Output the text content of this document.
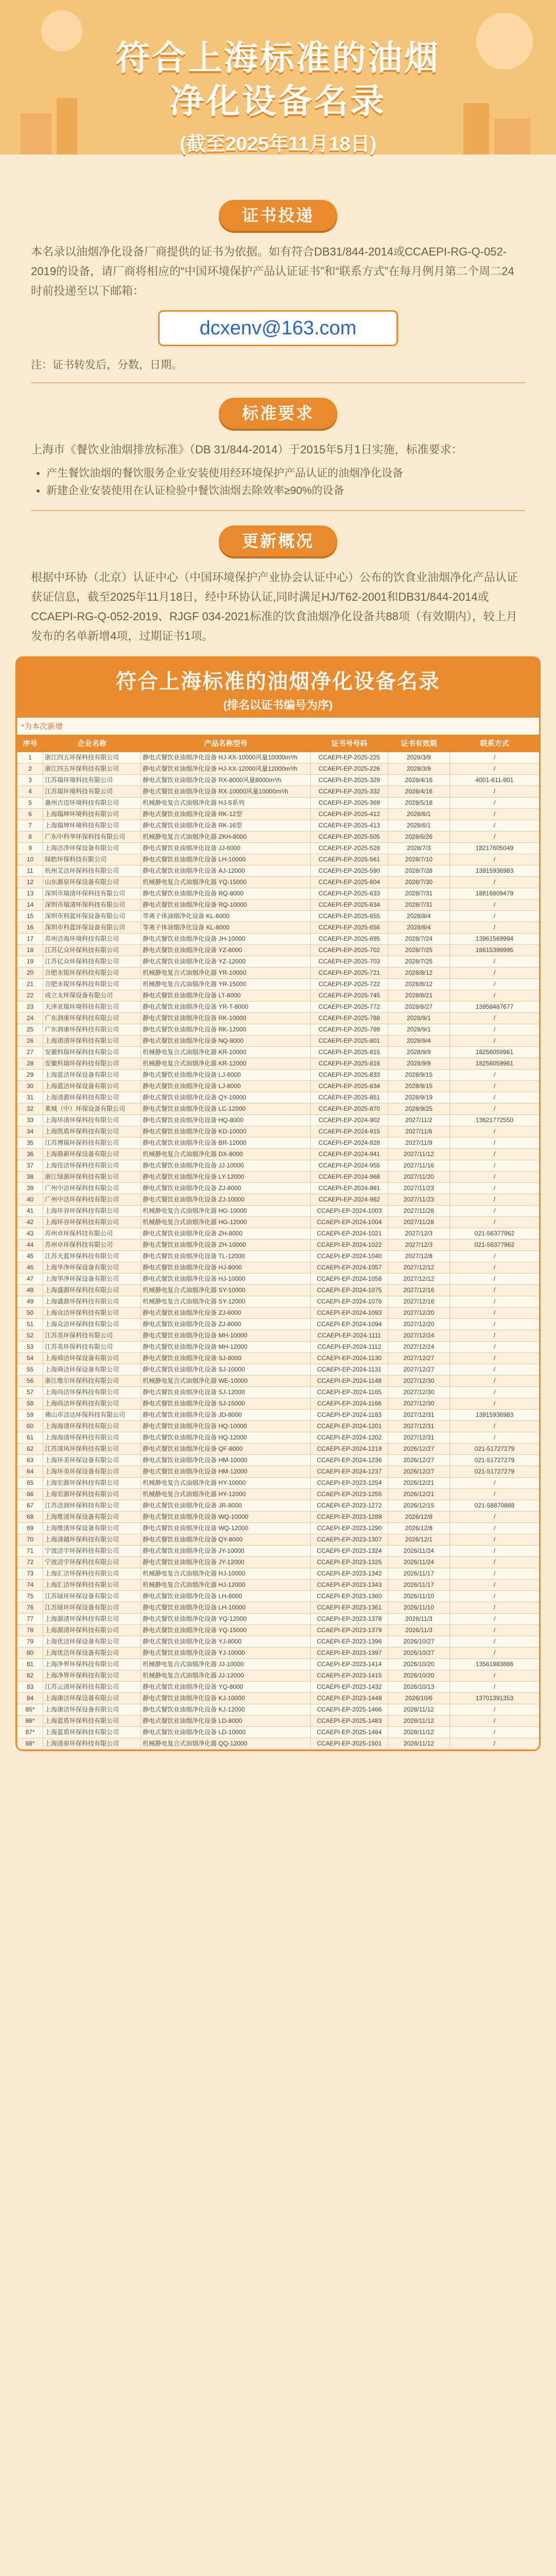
符合上海标准的油烟
净化设备名录
(截至2025年11月18日)
证书投递
本名录以油烟净化设备厂商提供的证书为依据。如有符合DB31/844-2014或CCAEPI-RG-Q-052-2019的设备，请厂商将相应的“中国环境保护产品认证证书”和“联系方式”在每月例月第二个周二24时前投递至以下邮箱：
dcxenv@163.com
注：证书转发后，分数，日期。
标准要求
上海市《餐饮业油烟排放标准》（DB 31/844-2014）于2015年5月1日实施，标准要求：
• 产生餐饮油烟的餐饮服务企业安装使用经环境保护产品认证的油烟净化设备
• 新建企业安装使用在认证检验中餐饮油烟去除效率≥90%的设备
更新概况
根据中环协（北京）认证中心（中国环境保护产业协会认证中心）公布的饮食业油烟净化产品认证获证信息，截至2025年11月18日，经中环协认证,同时满足HJ/T62-2001和DB31/844-2014或CCAEPI-RG-Q-052-2019、RJGF 034-2021标准的饮食油烟净化设备共88项（有效期内），较上月发布的名单新增4项，过期证书1项。
符合上海标准的油烟净化设备名录
(排名以证书编号为序)
*为本次新增
序号	企业名称	产品名称型号	证书号号码	证书有效期	联系方式
1	浙江四五环保科技有限公司	静电式餐饮业油烟净化设备 HJ-XX-10000风量10000m³/h	CCAEPI-EP-2025-225	2028/3/9	/
2	浙江四五环保科技有限公司	静电式餐饮业油烟净化设备 HJ-XX-12000风量12000m³/h	CCAEPI-EP-2025-226	2028/3/9	/
3	江苏瑞环境科技有限公司	静电式餐饮业油烟净化设备 RX-8000风量8000m³/h	CCAEPI-EP-2025-329	2028/4/16	4001-611-901
4	江苏瑞环境科技有限公司	静电式餐饮业油烟净化设备 RX-10000风量10000m³/h	CCAEPI-EP-2025-332	2028/4/16	/
5	惠州吉迈环境科技有限公司	机械静电复合式油烟净化器 HJ-S系列	CCAEPI-EP-2025-369	2028/5/18	/
6	上海瑞坤环境科技有限公司	静电式餐饮业油烟净化设备 RK-12型	CCAEPI-EP-2025-412	2028/6/1	/
7	上海瑞坤环境科技有限公司	静电式餐饮业油烟净化设备 RK-16型	CCAEPI-EP-2025-413	2028/6/1	/
8	广东中科华环保科技有限公司	机械静电复合式油烟净化器 ZKH-8000	CCAEPI-EP-2025-505	2028/6/26	/
9	上海洁净环保设备有限公司	静电式餐饮业油烟净化设备 JJ-6000	CCAEPI-EP-2025-528	2028/7/3	18217605049
10	绿皓环保科技有限公司	静电式餐饮业油烟净化设备 LH-10000	CCAEPI-EP-2025-561	2028/7/10	/
11	杭州艾洁环保科技有限公司	静电式餐饮业油烟净化设备 AJ-12000	CCAEPI-EP-2025-590	2028/7/28	13915936983
12	山东源泉环保设备有限公司	机械静电复合式油烟净化器 YQ-15000	CCAEPI-EP-2025-604	2028/7/30	/
13	深圳市瑞清环保科技有限公司	静电式餐饮业油烟净化设备 RQ-8000	CCAEPI-EP-2025-633	2028/7/31	18816809479
14	深圳市瑞清环保科技有限公司	静电式餐饮业油烟净化设备 RQ-10000	CCAEPI-EP-2025-634	2028/7/31	/
15	深圳市科蓝环保设备有限公司	等离子体油烟净化设备 KL-6000	CCAEPI-EP-2025-655	2028/8/4	/
16	深圳市科蓝环保设备有限公司	等离子体油烟净化设备 KL-8000	CCAEPI-EP-2025-656	2028/8/4	/
17	苏州洁海环境科技有限公司	静电式餐饮业油烟净化设备 JH-10000	CCAEPI-EP-2025-695	2028/7/24	13961569994
18	江苏亿众环保科技有限公司	静电式餐饮业油烟净化设备 YZ-8000	CCAEPI-EP-2025-702	2028/7/25	18615399995
19	江苏亿众环保科技有限公司	静电式餐饮业油烟净化设备 YZ-12000	CCAEPI-EP-2025-703	2028/7/25	/
20	合肥永锐环保科技有限公司	机械静电复合式油烟净化器 YR-10000	CCAEPI-EP-2025-721	2028/8/12	/
21	合肥永锐环保科技有限公司	机械静电复合式油烟净化器 YR-15000	CCAEPI-EP-2025-722	2028/8/12	/
22	成立太环保设备有限公司	静电式餐饮业油烟净化设备 LT-6000	CCAEPI-EP-2025-745	2028/8/21	/
23	天津亚瑞环境科技有限公司	静电式餐饮业油烟净化设备 YR-T-8000	CCAEPI-EP-2025-772	2028/8/27	13958487677
24	广东润康环保科技有限公司	静电式餐饮业油烟净化设备 RK-10000	CCAEPI-EP-2025-788	2028/9/1	/
25	广东润康环保科技有限公司	静电式餐饮业油烟净化设备 RK-12000	CCAEPI-EP-2025-789	2028/9/1	/
26	上海诺清环保科技有限公司	静电式餐饮业油烟净化设备 NQ-8000	CCAEPI-EP-2025-801	2028/9/4	/
27	安徽科瑞环保科技有限公司	机械静电复合式油烟净化器 KR-10000	CCAEPI-EP-2025-815	2028/9/9	18256059961
28	安徽科瑞环保科技有限公司	机械静电复合式油烟净化器 KR-12000	CCAEPI-EP-2025-816	2028/9/9	18256059961
29	上海蓝洁环保设备有限公司	静电式餐饮业油烟净化设备 LJ-6000	CCAEPI-EP-2025-833	2028/9/15	/
30	上海蓝洁环保设备有限公司	静电式餐饮业油烟净化设备 LJ-8000	CCAEPI-EP-2025-834	2028/9/15	/
31	上海清源环保科技有限公司	静电式餐饮业油烟净化设备 QY-10000	CCAEPI-EP-2025-851	2028/9/19	/
32	莱城（中）环保设备有限公司	静电式餐饮业油烟净化设备 LC-12000	CCAEPI-EP-2025-870	2028/9/25	/
33	上海环清环保科技有限公司	静电式餐饮业油烟净化设备 HQ-8000	CCAEPI-EP-2024-902	2027/11/2	13621772550
34	上海凯盾环保科技有限公司	静电式餐饮业油烟净化设备 KD-10000	CCAEPI-EP-2024-915	2027/11/6	/
35	江苏博瑞环保科技有限公司	静电式餐饮业油烟净化设备 BR-12000	CCAEPI-EP-2024-928	2027/11/9	/
36	上海鼎新环保设备有限公司	机械静电复合式油烟净化器 DX-8000	CCAEPI-EP-2024-941	2027/11/12	/
37	上海佳洁环保科技有限公司	静电式餐饮业油烟净化设备 JJ-10000	CCAEPI-EP-2024-955	2027/11/16	/
38	浙江绿源环保科技有限公司	静电式餐饮业油烟净化设备 LY-12000	CCAEPI-EP-2024-968	2027/11/20	/
39	广州中洁环保科技有限公司	静电式餐饮业油烟净化设备 ZJ-8000	CCAEPI-EP-2024-981	2027/11/23	/
40	广州中洁环保科技有限公司	静电式餐饮业油烟净化设备 ZJ-10000	CCAEPI-EP-2024-982	2027/11/23	/
41	上海环谷环保科技有限公司	机械静电复合式油烟净化器 HG-10000	CCAEPI-EP-2024-1003	2027/11/28	/
42	上海环谷环保科技有限公司	机械静电复合式油烟净化器 HG-12000	CCAEPI-EP-2024-1004	2027/11/28	/
43	苏州卓环保科技有限公司	静电式餐饮业油烟净化设备 ZH-8000	CCAEPI-EP-2024-1021	2027/12/3	021-56377962
44	苏州卓环保科技有限公司	静电式餐饮业油烟净化设备 ZH-10000	CCAEPI-EP-2024-1022	2027/12/3	021-56377962
45	江苏天蓝环保科技有限公司	静电式餐饮业油烟净化设备 TL-12000	CCAEPI-EP-2024-1040	2027/12/8	/
46	上海华净环保设备有限公司	静电式餐饮业油烟净化设备 HJ-8000	CCAEPI-EP-2024-1057	2027/12/12	/
47	上海华净环保设备有限公司	静电式餐饮业油烟净化设备 HJ-10000	CCAEPI-EP-2024-1058	2027/12/12	/
48	上海盛源环保科技有限公司	机械静电复合式油烟净化器 SY-10000	CCAEPI-EP-2024-1075	2027/12/16	/
49	上海盛源环保科技有限公司	机械静电复合式油烟净化器 SY-12000	CCAEPI-EP-2024-1076	2027/12/16	/
50	上海众洁环保科技有限公司	静电式餐饮业油烟净化设备 ZJ-6000	CCAEPI-EP-2024-1093	2027/12/20	/
51	上海众洁环保科技有限公司	静电式餐饮业油烟净化设备 ZJ-8000	CCAEPI-EP-2024-1094	2027/12/20	/
52	江苏美环保科技有限公司	静电式餐饮业油烟净化设备 MH-10000	CCAEPI-EP-2024-1111	2027/12/24	/
53	江苏美环保科技有限公司	静电式餐饮业油烟净化设备 MH-12000	CCAEPI-EP-2024-1112	2027/12/24	/
54	上海舜洁环保设备有限公司	静电式餐饮业油烟净化设备 SJ-8000	CCAEPI-EP-2024-1130	2027/12/27	/
55	上海舜洁环保设备有限公司	静电式餐饮业油烟净化设备 SJ-10000	CCAEPI-EP-2024-1131	2027/12/27	/
56	浙江维尔环保科技有限公司	机械静电复合式油烟净化器 WE-10000	CCAEPI-EP-2024-1148	2027/12/30	/
57	上海尚洁环保科技有限公司	静电式餐饮业油烟净化设备 SJ-12000	CCAEPI-EP-2024-1165	2027/12/30	/
58	上海尚洁环保科技有限公司	静电式餐饮业油烟净化设备 SJ-15000	CCAEPI-EP-2024-1166	2027/12/30	/
59	佛山市洁达环保科技有限公司	静电式餐饮业油烟净化设备 JD-8000	CCAEPI-EP-2024-1183	2027/12/31	13915936983
60	上海海清环保科技有限公司	静电式餐饮业油烟净化设备 HQ-10000	CCAEPI-EP-2024-1201	2027/12/31	/
61	上海海清环保科技有限公司	静电式餐饮业油烟净化设备 HQ-12000	CCAEPI-EP-2024-1202	2027/12/31	/
62	江苏清风环保科技有限公司	静电式餐饮业油烟净化设备 QF-8000	CCAEPI-EP-2024-1219	2026/12/27	021-51727279
63	上海环美环保设备有限公司	静电式餐饮业油烟净化设备 HM-10000	CCAEPI-EP-2024-1236	2026/12/27	021-51727279
64	上海环美环保设备有限公司	静电式餐饮业油烟净化设备 HM-12000	CCAEPI-EP-2024-1237	2026/12/27	021-51727279
65	上海宏源环保科技有限公司	机械静电复合式油烟净化器 HY-10000	CCAEPI-EP-2023-1254	2026/12/21	/
66	上海宏源环保科技有限公司	机械静电复合式油烟净化器 HY-12000	CCAEPI-EP-2023-1255	2026/12/21	/
67	江苏洁润环保科技有限公司	静电式餐饮业油烟净化设备 JR-8000	CCAEPI-EP-2023-1272	2026/12/15	021-58870888
68	上海维清环保设备有限公司	静电式餐饮业油烟净化设备 WQ-10000	CCAEPI-EP-2023-1289	2026/12/8	/
69	上海维清环保设备有限公司	静电式餐饮业油烟净化设备 WQ-12000	CCAEPI-EP-2023-1290	2026/12/8	/
70	上海清越环保科技有限公司	静电式餐饮业油烟净化设备 QY-8000	CCAEPI-EP-2023-1307	2026/12/1	/
71	宁波洁宇环保科技有限公司	静电式餐饮业油烟净化设备 JY-10000	CCAEPI-EP-2023-1324	2026/11/24	/
72	宁波洁宇环保科技有限公司	静电式餐饮业油烟净化设备 JY-12000	CCAEPI-EP-2023-1325	2026/11/24	/
73	上海汇洁环保科技有限公司	机械静电复合式油烟净化器 HJ-10000	CCAEPI-EP-2023-1342	2026/11/17	/
74	上海汇洁环保科技有限公司	机械静电复合式油烟净化器 HJ-12000	CCAEPI-EP-2023-1343	2026/11/17	/
75	江苏绿环环保设备有限公司	静电式餐饮业油烟净化设备 LH-8000	CCAEPI-EP-2023-1360	2026/11/10	/
76	江苏绿环环保设备有限公司	静电式餐饮业油烟净化设备 LH-10000	CCAEPI-EP-2023-1361	2026/11/10	/
77	上海源清环保科技有限公司	静电式餐饮业油烟净化设备 YQ-12000	CCAEPI-EP-2023-1378	2026/11/3	/
78	上海源清环保科技有限公司	静电式餐饮业油烟净化设备 YQ-15000	CCAEPI-EP-2023-1379	2026/11/3	/
79	上海优洁环保设备有限公司	静电式餐饮业油烟净化设备 YJ-8000	CCAEPI-EP-2023-1396	2026/10/27	/
80	上海优洁环保设备有限公司	静电式餐饮业油烟净化设备 YJ-10000	CCAEPI-EP-2023-1397	2026/10/27	/
81	上海净界环保科技有限公司	机械静电复合式油烟净化器 JJ-10000	CCAEPI-EP-2023-1414	2026/10/20	13561983886
82	上海净界环保科技有限公司	机械静电复合式油烟净化器 JJ-12000	CCAEPI-EP-2023-1415	2026/10/20	/
83	江苏云清环保科技有限公司	静电式餐饮业油烟净化设备 YQ-8000	CCAEPI-EP-2023-1432	2026/10/13	/
84	上海康洁环保设备有限公司	静电式餐饮业油烟净化设备 KJ-10000	CCAEPI-EP-2023-1449	2026/10/6	13701391353
85*	上海康洁环保设备有限公司	静电式餐饮业油烟净化设备 KJ-12000	CCAEPI-EP-2025-1466	2028/11/12	/
86*	上海蓝盾环保科技有限公司	静电式餐饮业油烟净化设备 LD-8000	CCAEPI-EP-2025-1483	2028/11/12	/
87*	上海蓝盾环保科技有限公司	静电式餐饮业油烟净化设备 LD-10000	CCAEPI-EP-2025-1484	2028/11/12	/
88*	上海清泉环保科技有限公司	机械静电复合式油烟净化器 QQ-12000	CCAEPI-EP-2025-1501	2028/11/12	/
